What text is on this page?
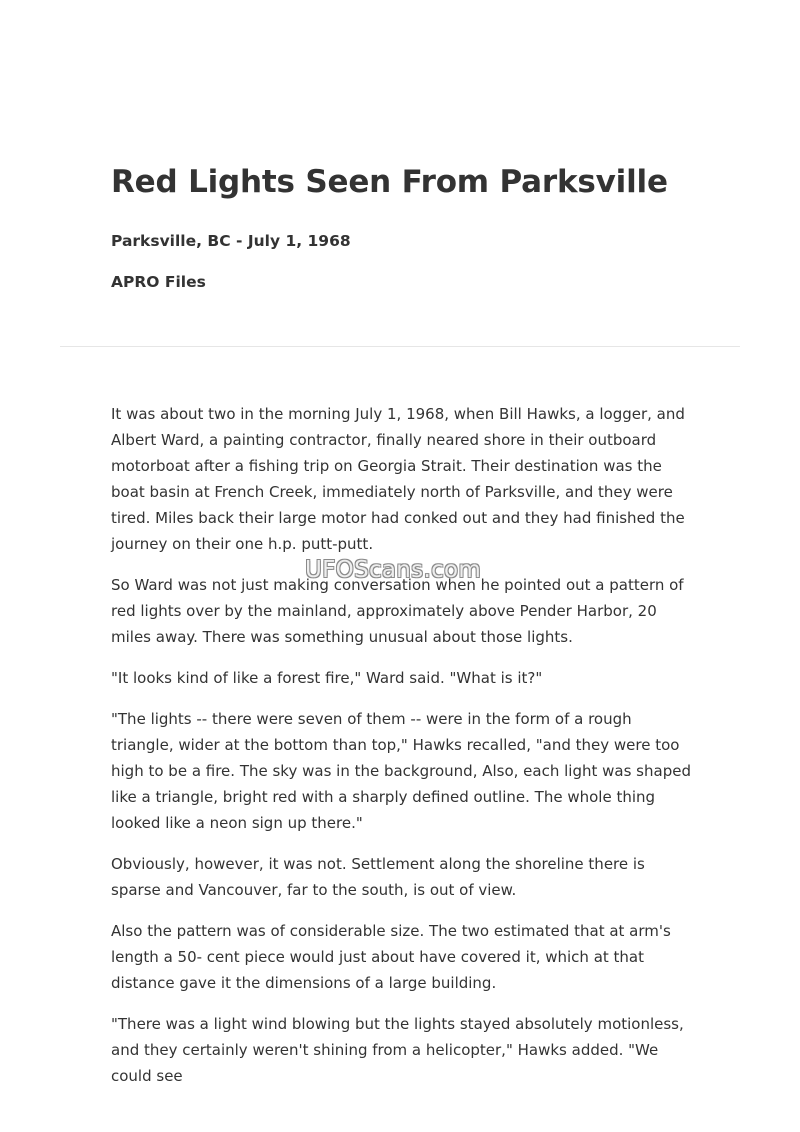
Red Lights Seen From Parksville

Parksville, BC - July 1, 1968

APRO Files

It was about two in the morning July 1, 1968, when Bill Hawks, a logger, and Albert Ward, a painting contractor, finally neared shore in their outboard motorboat after a fishing trip on Georgia Strait. Their destination was the boat basin at French Creek, immediately north of Parksville, and they were tired. Miles back their large motor had conked out and they had finished the journey on their one h.p. putt-putt.

So Ward was not just making conversation when he pointed out a pattern of red lights over by the mainland, approximately above Pender Harbor, 20 miles away. There was something unusual about those lights.

"It looks kind of like a forest fire," Ward said. "What is it?"

"The lights -- there were seven of them -- were in the form of a rough triangle, wider at the bottom than top," Hawks recalled, "and they were too high to be a fire. The sky was in the background, Also, each light was shaped like a triangle, bright red with a sharply defined outline. The whole thing looked like a neon sign up there."

Obviously, however, it was not. Settlement along the shoreline there is sparse and Vancouver, far to the south, is out of view.

Also the pattern was of considerable size. The two estimated that at arm's length a 50- cent piece would just about have covered it, which at that distance gave it the dimensions of a large building.

"There was a light wind blowing but the lights stayed absolutely motionless, and they certainly weren't shining from a helicopter," Hawks added. "We could see

UFOScans.com
